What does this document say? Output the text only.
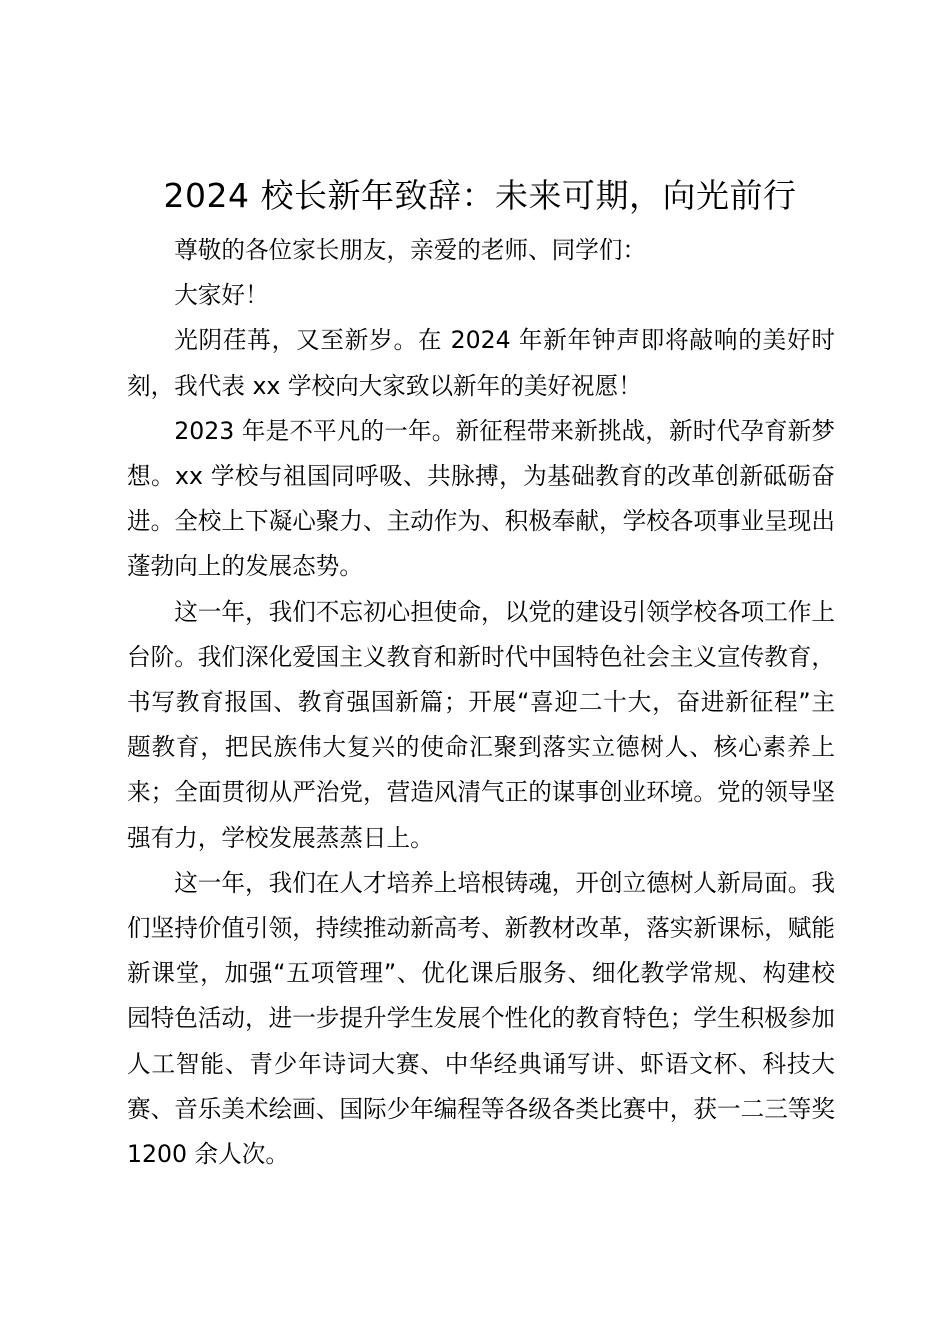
2024 校长新年致辞：未来可期，向光前行

尊敬的各位家长朋友，亲爱的老师、同学们：

大家好！

光阴荏苒，又至新岁。在 2024 年新年钟声即将敲响的美好时刻，我代表 xx 学校向大家致以新年的美好祝愿！

2023 年是不平凡的一年。新征程带来新挑战，新时代孕育新梦想。xx 学校与祖国同呼吸、共脉搏，为基础教育的改革创新砥砺奋进。全校上下凝心聚力、主动作为、积极奉献，学校各项事业呈现出蓬勃向上的发展态势。

这一年，我们不忘初心担使命，以党的建设引领学校各项工作上台阶。我们深化爱国主义教育和新时代中国特色社会主义宣传教育，书写教育报国、教育强国新篇；开展“喜迎二十大，奋进新征程”主题教育，把民族伟大复兴的使命汇聚到落实立德树人、核心素养上来；全面贯彻从严治党，营造风清气正的谋事创业环境。党的领导坚强有力，学校发展蒸蒸日上。

这一年，我们在人才培养上培根铸魂，开创立德树人新局面。我们坚持价值引领，持续推动新高考、新教材改革，落实新课标，赋能新课堂，加强“五项管理”、优化课后服务、细化教学常规、构建校园特色活动，进一步提升学生发展个性化的教育特色；学生积极参加人工智能、青少年诗词大赛、中华经典诵写讲、虾语文杯、科技大赛、音乐美术绘画、国际少年编程等各级各类比赛中，获一二三等奖 1200 余人次。
